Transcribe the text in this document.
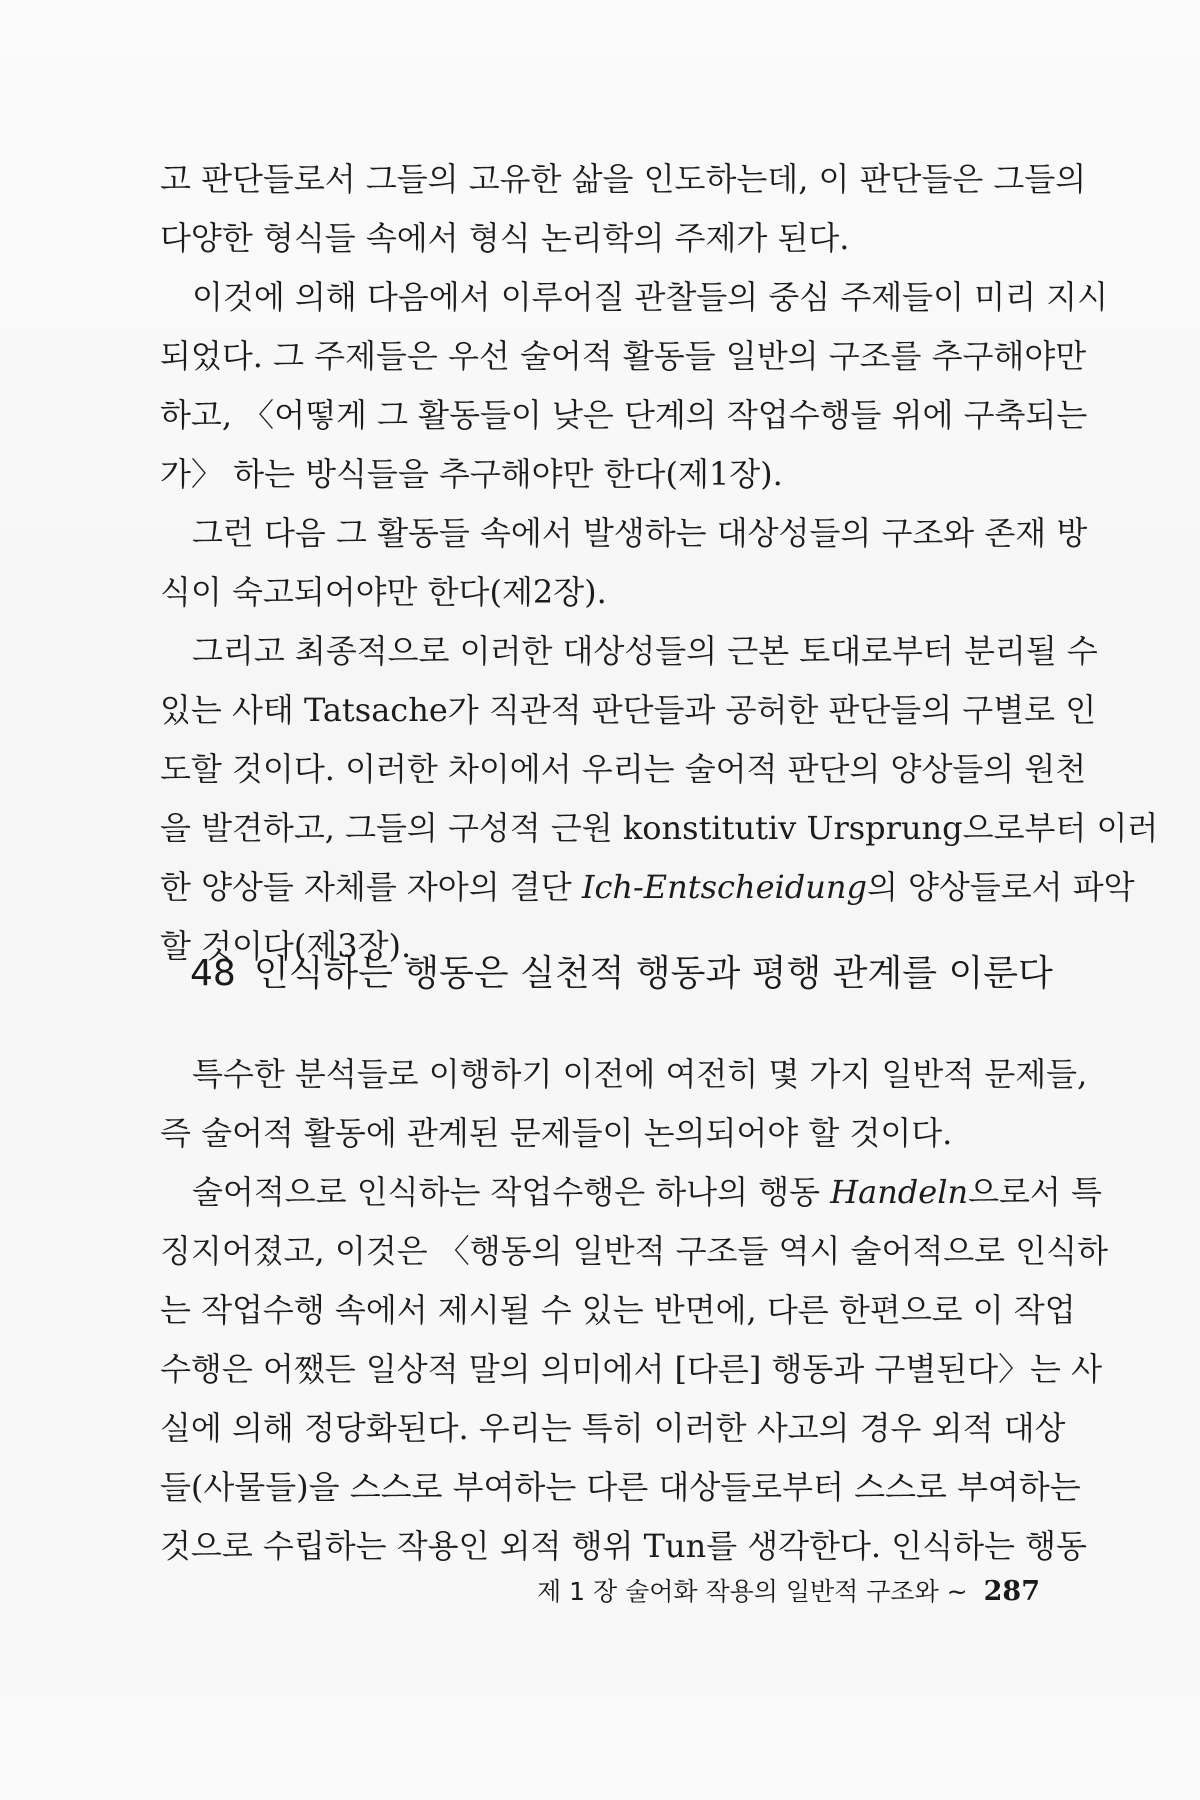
고 판단들로서 그들의 고유한 삶을 인도하는데, 이 판단들은 그들의
다양한 형식들 속에서 형식 논리학의 주제가 된다.
이것에 의해 다음에서 이루어질 관찰들의 중심 주제들이 미리 지시
되었다. 그 주제들은 우선 술어적 활동들 일반의 구조를 추구해야만
하고, 〈어떻게 그 활동들이 낮은 단계의 작업수행들 위에 구축되는
가〉 하는 방식들을 추구해야만 한다(제1장).
그런 다음 그 활동들 속에서 발생하는 대상성들의 구조와 존재 방
식이 숙고되어야만 한다(제2장).
그리고 최종적으로 이러한 대상성들의 근본 토대로부터 분리될 수
있는 사태 Tatsache가 직관적 판단들과 공허한 판단들의 구별로 인
도할 것이다. 이러한 차이에서 우리는 술어적 판단의 양상들의 원천
을 발견하고, 그들의 구성적 근원 konstitutiv Ursprung으로부터 이러
한 양상들 자체를 자아의 결단 Ich-Entscheidung의 양상들로서 파악
할 것이다(제3장).
48 인식하는 행동은 실천적 행동과 평행 관계를 이룬다
특수한 분석들로 이행하기 이전에 여전히 몇 가지 일반적 문제들,
즉 술어적 활동에 관계된 문제들이 논의되어야 할 것이다.
술어적으로 인식하는 작업수행은 하나의 행동 Handeln으로서 특
징지어졌고, 이것은 〈행동의 일반적 구조들 역시 술어적으로 인식하
는 작업수행 속에서 제시될 수 있는 반면에, 다른 한편으로 이 작업
수행은 어쨌든 일상적 말의 의미에서 [다른] 행동과 구별된다〉는 사
실에 의해 정당화된다. 우리는 특히 이러한 사고의 경우 외적 대상
들(사물들)을 스스로 부여하는 다른 대상들로부터 스스로 부여하는
것으로 수립하는 작용인 외적 행위 Tun를 생각한다. 인식하는 행동
제 1 장 술어화 작용의 일반적 구조와 ~ 287
